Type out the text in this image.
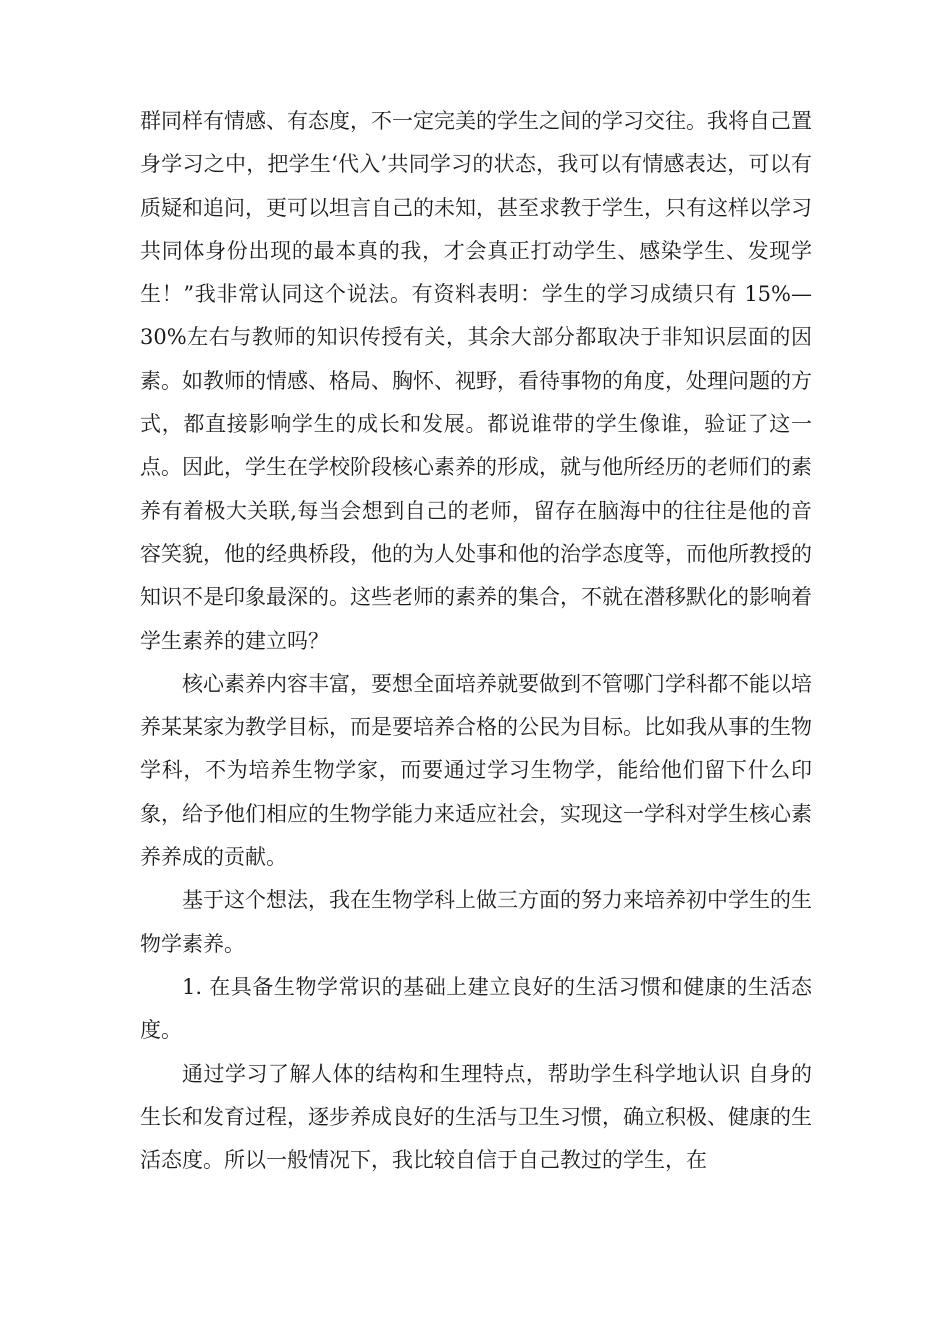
群同样有情感、有态度，不一定完美的学生之间的学习交往。我将自己置身学习之中，把学生‘代入’共同学习的状态，我可以有情感表达，可以有质疑和追问，更可以坦言自己的未知，甚至求教于学生，只有这样以学习共同体身份出现的最本真的我，才会真正打动学生、感染学生、发现学生！”我非常认同这个说法。有资料表明：学生的学习成绩只有 15%—30%左右与教师的知识传授有关，其余大部分都取决于非知识层面的因素。如教师的情感、格局、胸怀、视野，看待事物的角度，处理问题的方式，都直接影响学生的成长和发展。都说谁带的学生像谁，验证了这一点。因此，学生在学校阶段核心素养的形成，就与他所经历的老师们的素养有着极大关联,每当会想到自己的老师，留存在脑海中的往往是他的音容笑貌，他的经典桥段，他的为人处事和他的治学态度等，而他所教授的知识不是印象最深的。这些老师的素养的集合，不就在潜移默化的影响着学生素养的建立吗？

核心素养内容丰富，要想全面培养就要做到不管哪门学科都不能以培养某某家为教学目标，而是要培养合格的公民为目标。比如我从事的生物学科，不为培养生物学家，而要通过学习生物学，能给他们留下什么印象，给予他们相应的生物学能力来适应社会，实现这一学科对学生核心素养养成的贡献。

基于这个想法，我在生物学科上做三方面的努力来培养初中学生的生物学素养。

1. 在具备生物学常识的基础上建立良好的生活习惯和健康的生活态度。

通过学习了解人体的结构和生理特点，帮助学生科学地认识 自身的生长和发育过程，逐步养成良好的生活与卫生习惯，确立积极、健康的生活态度。所以一般情况下，我比较自信于自己教过的学生，在
